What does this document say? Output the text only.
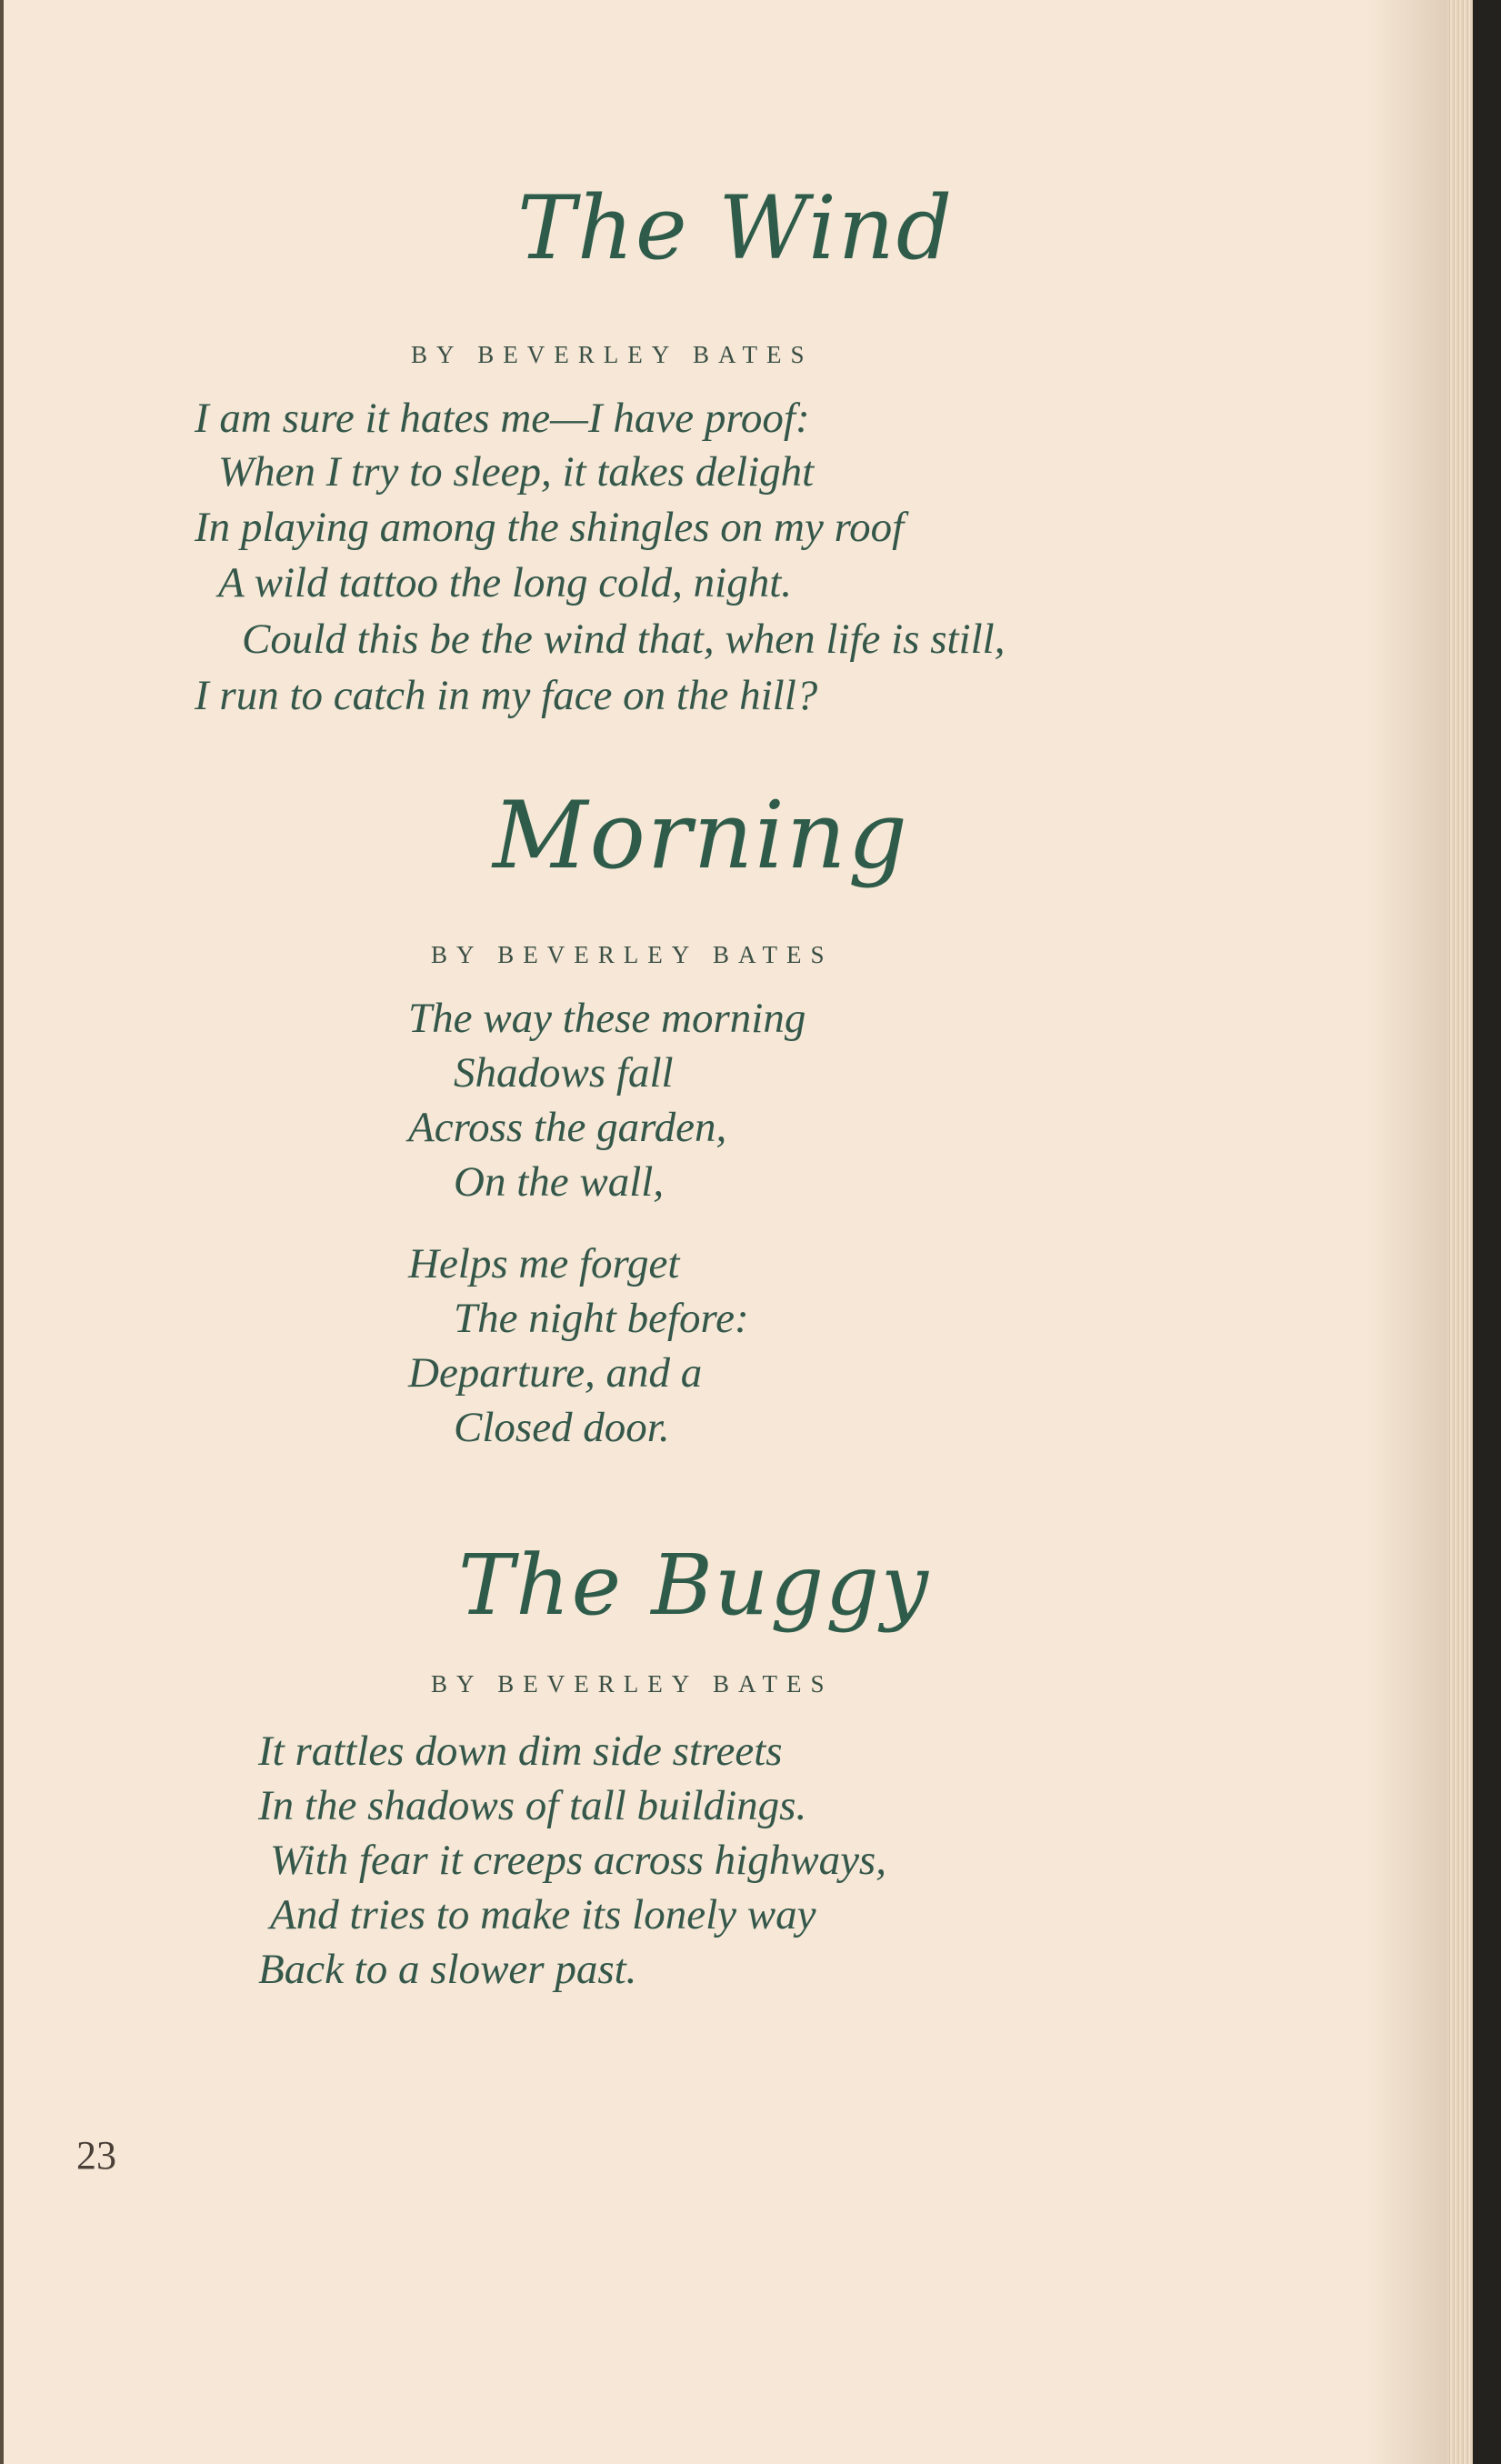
The Wind

BY BEVERLEY BATES

I am sure it hates me—I have proof:

When I try to sleep, it takes delight

In playing among the shingles on my roof

A wild tattoo the long cold, night.

Could this be the wind that, when life is still,

I run to catch in my face on the hill?

Morning

BY BEVERLEY BATES

The way these morning

Shadows fall

Across the garden,

On the wall,

Helps me forget

The night before:

Departure, and a

Closed door.

The Buggy

BY BEVERLEY BATES

It rattles down dim side streets

In the shadows of tall buildings.

With fear it creeps across highways,

And tries to make its lonely way

Back to a slower past.

23
